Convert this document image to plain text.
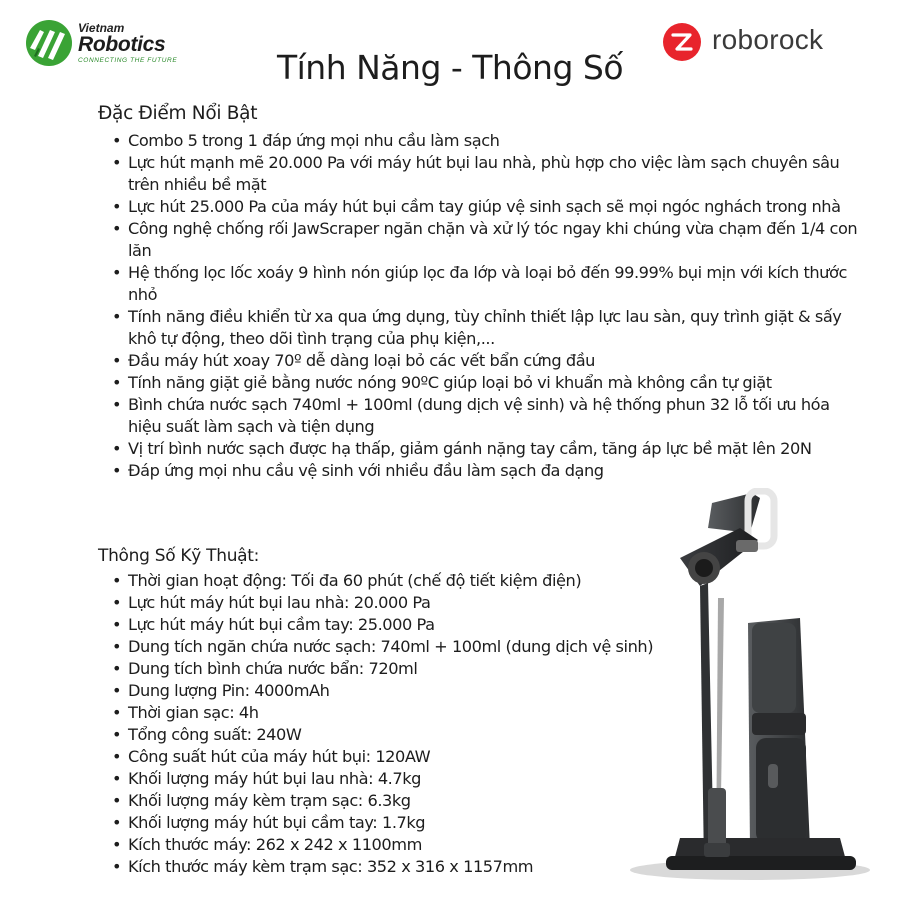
Vietnam
Robotics
CONNECTING THE FUTURE
roborock
Tính Năng - Thông Số
Đặc Điểm Nổi Bật
• Combo 5 trong 1 đáp ứng mọi nhu cầu làm sạch
• Lực hút mạnh mẽ 20.000 Pa với máy hút bụi lau nhà, phù hợp cho việc làm sạch chuyên sâu trên nhiều bề mặt
• Lực hút 25.000 Pa của máy hút bụi cầm tay giúp vệ sinh sạch sẽ mọi ngóc nghách trong nhà
• Công nghệ chống rối JawScraper ngăn chặn và xử lý tóc ngay khi chúng vừa chạm đến 1/4 con lăn
• Hệ thống lọc lốc xoáy 9 hình nón giúp lọc đa lớp và loại bỏ đến 99.99% bụi mịn với kích thước nhỏ
• Tính năng điều khiển từ xa qua ứng dụng, tùy chỉnh thiết lập lực lau sàn, quy trình giặt & sấy khô tự động, theo dõi tình trạng của phụ kiện,...
• Đầu máy hút xoay 70º dễ dàng loại bỏ các vết bẩn cứng đầu
• Tính năng giặt giẻ bằng nước nóng 90ºC giúp loại bỏ vi khuẩn mà không cần tự giặt
• Bình chứa nước sạch 740ml + 100ml (dung dịch vệ sinh) và hệ thống phun 32 lỗ tối ưu hóa hiệu suất làm sạch và tiện dụng
• Vị trí bình nước sạch được hạ thấp, giảm gánh nặng tay cầm, tăng áp lực bề mặt lên 20N
• Đáp ứng mọi nhu cầu vệ sinh với nhiều đầu làm sạch đa dạng
Thông Số Kỹ Thuật:
• Thời gian hoạt động: Tối đa 60 phút (chế độ tiết kiệm điện)
• Lực hút máy hút bụi lau nhà: 20.000 Pa
• Lực hút máy hút bụi cầm tay: 25.000 Pa
• Dung tích ngăn chứa nước sạch: 740ml + 100ml (dung dịch vệ sinh)
• Dung tích bình chứa nước bẩn: 720ml
• Dung lượng Pin: 4000mAh
• Thời gian sạc: 4h
• Tổng công suất: 240W
• Công suất hút của máy hút bụi: 120AW
• Khối lượng máy hút bụi lau nhà: 4.7kg
• Khối lượng máy kèm trạm sạc: 6.3kg
• Khối lượng máy hút bụi cầm tay: 1.7kg
• Kích thước máy: 262 x 242 x 1100mm
• Kích thước máy kèm trạm sạc: 352 x 316 x 1157mm
